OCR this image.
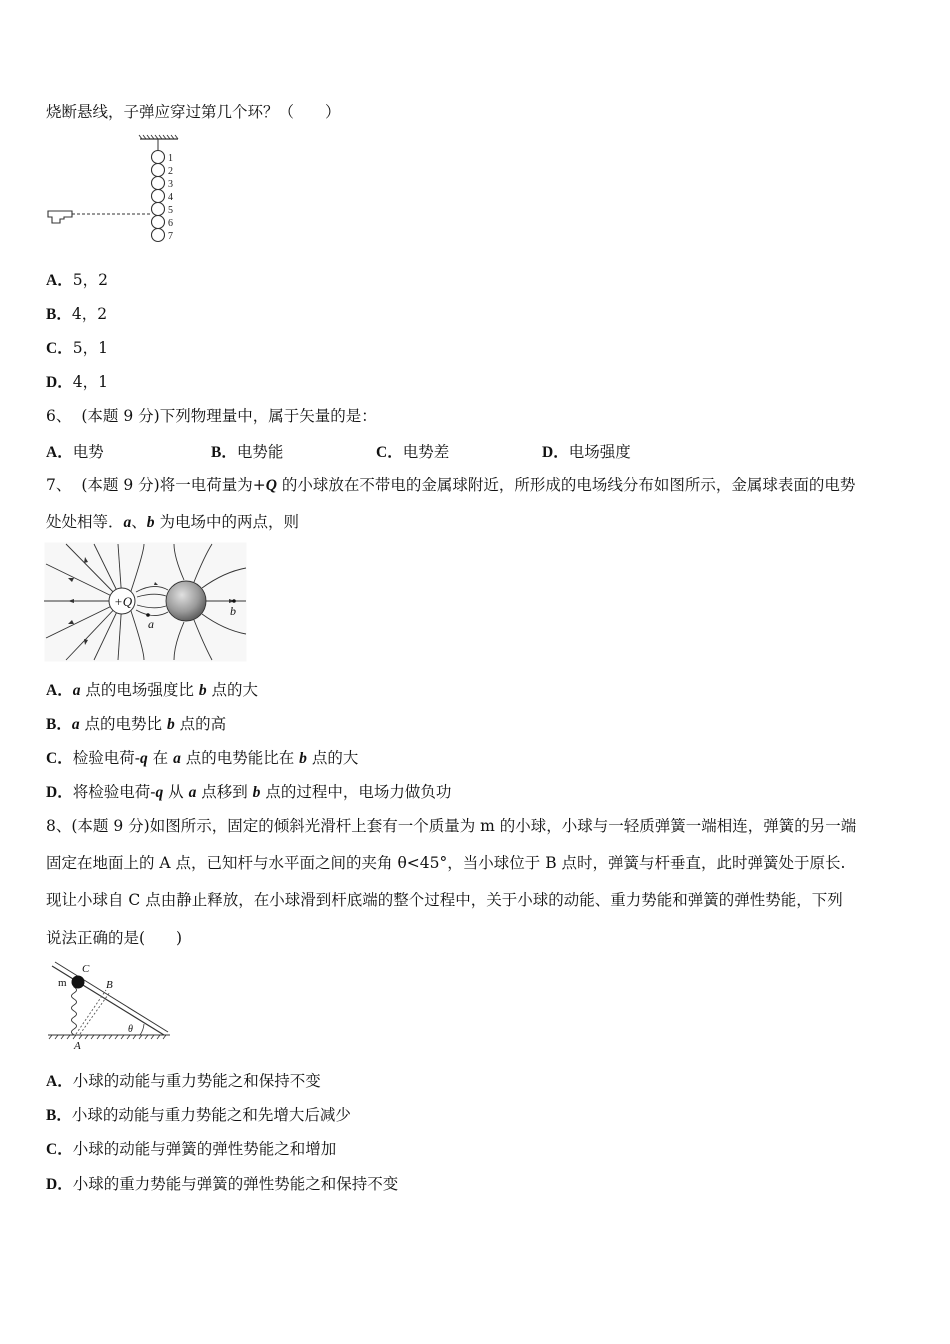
烧断悬线，子弹应穿过第几个环？（　　）
1
2
3
4
5
6
7
A．5，2
B．4，2
C．5，1
D．4，1
6、 (本题 9 分)下列物理量中，属于矢量的是：
A．电势	B．电势能	C．电势差	D．电场强度
7、 (本题 9 分)将一电荷量为+Q 的小球放在不带电的金属球附近，所形成的电场线分布如图所示，金属球表面的电势
处处相等．a、b 为电场中的两点，则
+Q
a
b
A．a 点的电场强度比 b 点的大
B．a 点的电势比 b 点的高
C．检验电荷-q 在 a 点的电势能比在 b 点的大
D．将检验电荷-q 从 a 点移到 b 点的过程中，电场力做负功
8、(本题 9 分)如图所示，固定的倾斜光滑杆上套有一个质量为 m 的小球，小球与一轻质弹簧一端相连，弹簧的另一端
固定在地面上的 A 点，已知杆与水平面之间的夹角 θ<45°，当小球位于 B 点时，弹簧与杆垂直，此时弹簧处于原长.
现让小球自 C 点由静止释放，在小球滑到杆底端的整个过程中，关于小球的动能、重力势能和弹簧的弹性势能，下列
说法正确的是(　　)
m
C
B
A
θ
A．小球的动能与重力势能之和保持不变
B．小球的动能与重力势能之和先增大后减少
C．小球的动能与弹簧的弹性势能之和增加
D．小球的重力势能与弹簧的弹性势能之和保持不变
